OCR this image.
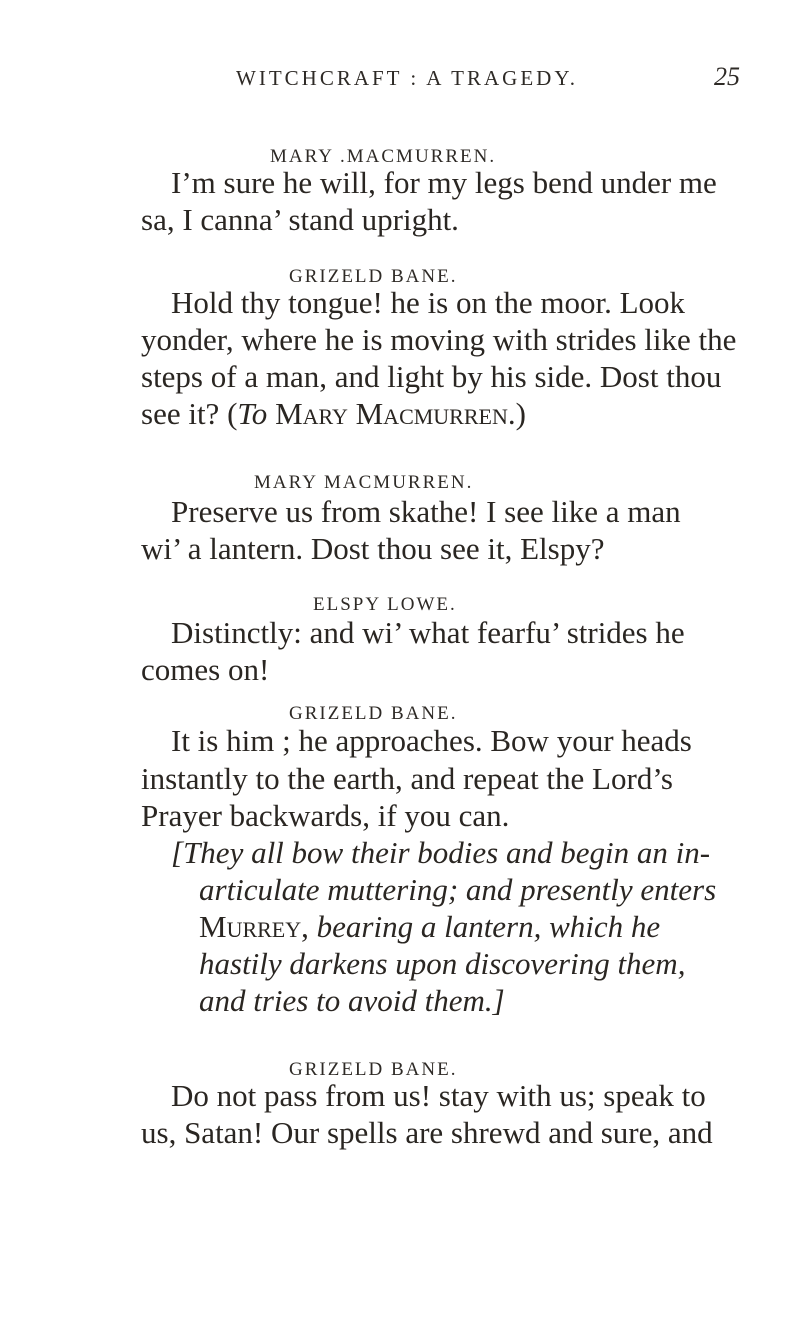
WITCHCRAFT : A TRAGEDY.	25
MARY .MACMURREN.
I’m sure he will, for my legs bend under me
sa, I canna’ stand upright.
GRIZELD BANE.
Hold thy tongue! he is on the moor. Look
yonder, where he is moving with strides like the
steps of a man, and light by his side. Dost thou
see it? (To Mary Macmurren.)
MARY MACMURREN.
Preserve us from skathe! I see like a man
wi’ a lantern. Dost thou see it, Elspy?
ELSPY LOWE.
Distinctly: and wi’ what fearfu’ strides he
comes on!
GRIZELD BANE.
It is him ; he approaches. Bow your heads
instantly to the earth, and repeat the Lord’s
Prayer backwards, if you can.
[They all bow their bodies and begin an in-
articulate muttering; and presently enters
Murrey, bearing a lantern, which he
hastily darkens upon discovering them,
and tries to avoid them.]
GRIZELD BANE.
Do not pass from us! stay with us; speak to
us, Satan! Our spells are shrewd and sure, and
